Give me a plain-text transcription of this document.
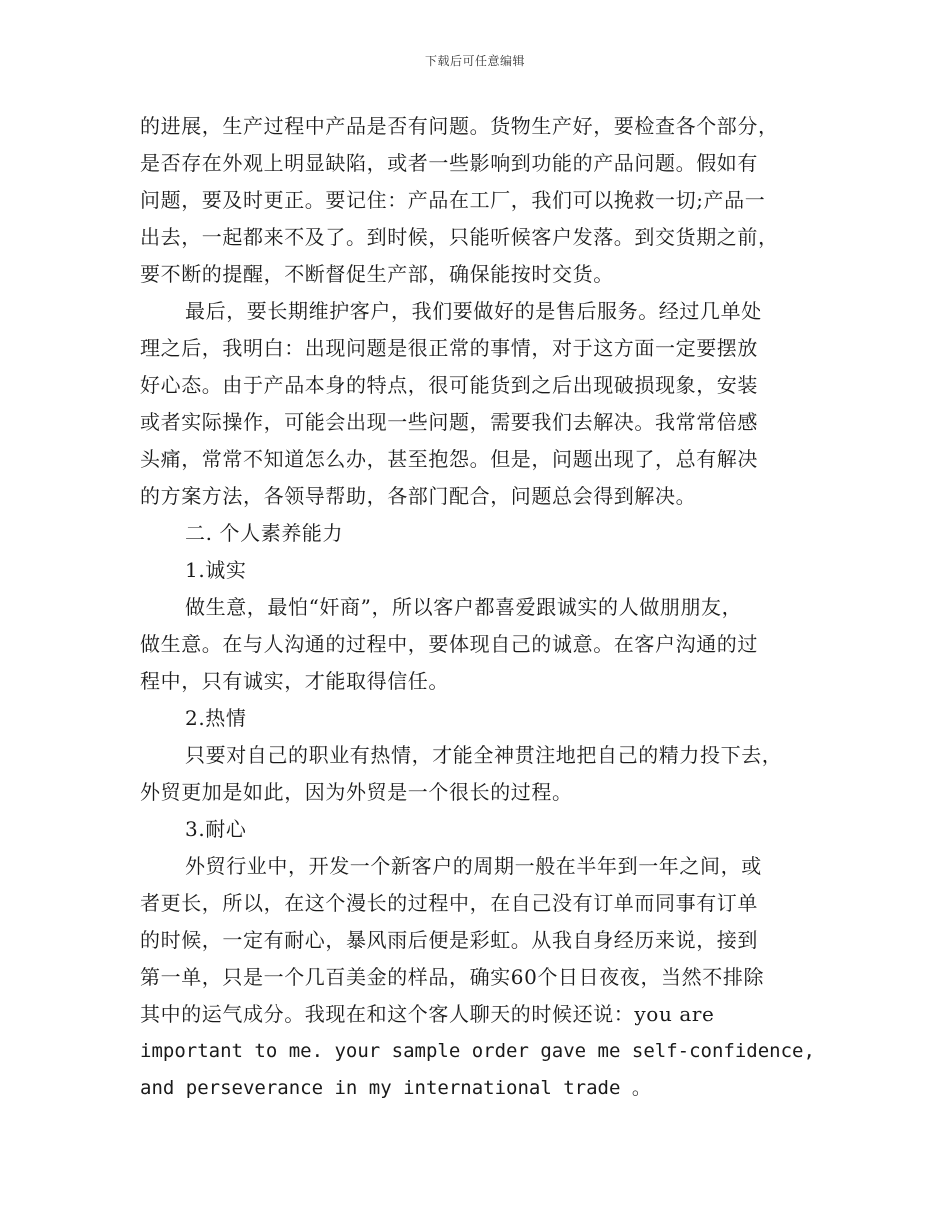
下载后可任意编辑
的进展，生产过程中产品是否有问题。货物生产好，要检查各个部分，
是否存在外观上明显缺陷，或者一些影响到功能的产品问题。假如有
问题，要及时更正。要记住：产品在工厂，我们可以挽救一切;产品一
出去，一起都来不及了。到时候，只能听候客户发落。到交货期之前，
要不断的提醒，不断督促生产部，确保能按时交货。
最后，要长期维护客户，我们要做好的是售后服务。经过几单处
理之后，我明白：出现问题是很正常的事情，对于这方面一定要摆放
好心态。由于产品本身的特点，很可能货到之后出现破损现象，安装
或者实际操作，可能会出现一些问题，需要我们去解决。我常常倍感
头痛，常常不知道怎么办，甚至抱怨。但是，问题出现了，总有解决
的方案方法，各领导帮助，各部门配合，问题总会得到解决。
二. 个人素养能力
1.诚实
做生意，最怕“奸商”，所以客户都喜爱跟诚实的人做朋朋友，
做生意。在与人沟通的过程中，要体现自己的诚意。在客户沟通的过
程中，只有诚实，才能取得信任。
2.热情
只要对自己的职业有热情，才能全神贯注地把自己的精力投下去，
外贸更加是如此，因为外贸是一个很长的过程。
3.耐心
外贸行业中，开发一个新客户的周期一般在半年到一年之间，或
者更长，所以，在这个漫长的过程中，在自己没有订单而同事有订单
的时候，一定有耐心，暴风雨后便是彩虹。从我自身经历来说，接到
第一单，只是一个几百美金的样品，确实60个日日夜夜，当然不排除
其中的运气成分。我现在和这个客人聊天的时候还说：you are
important to me. your sample order gave me self-confidence,
and perseverance in my international trade 。
